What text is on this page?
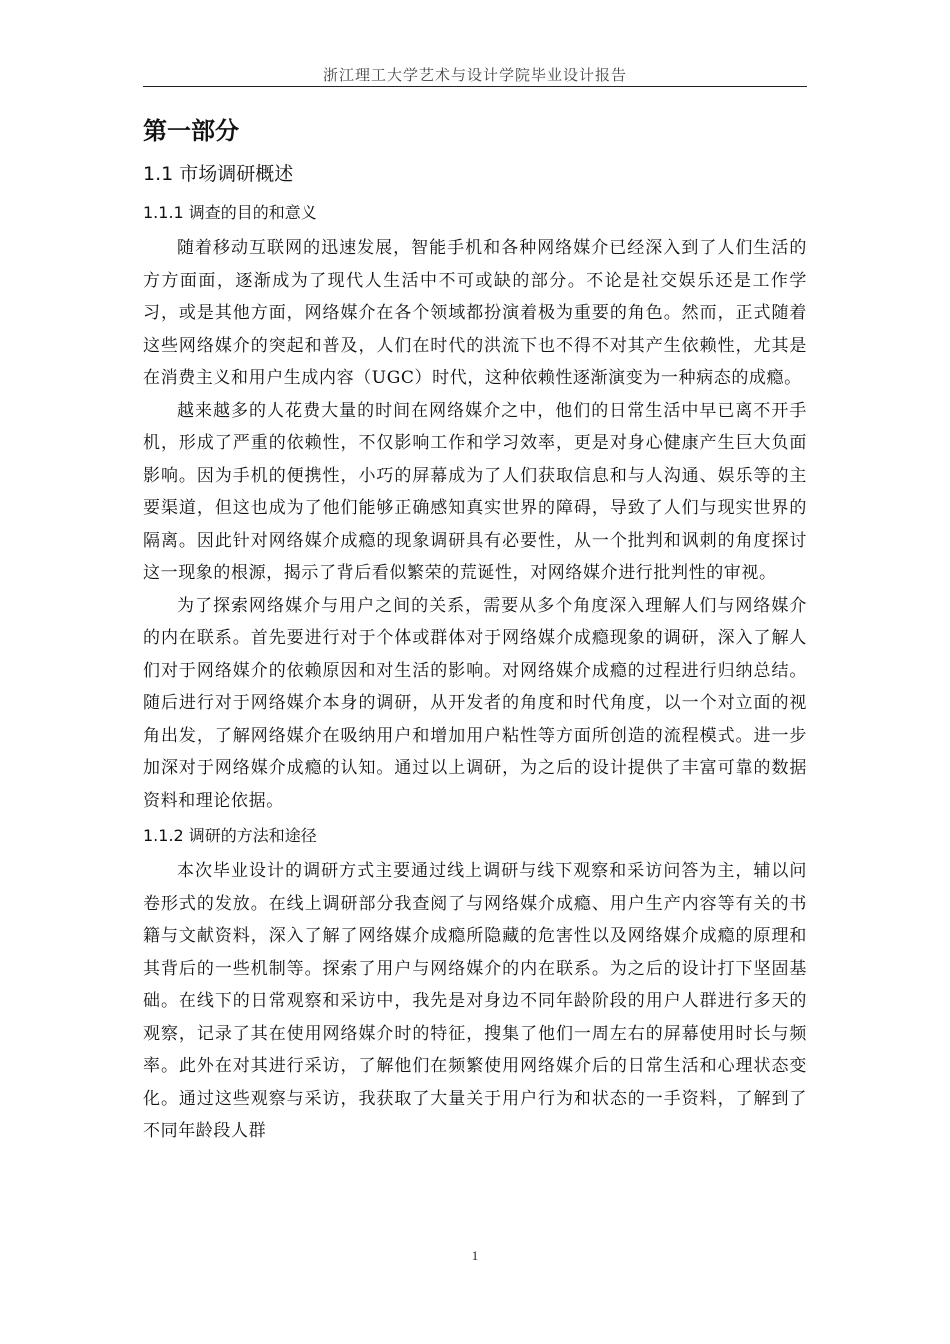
浙江理工大学艺术与设计学院毕业设计报告
第一部分
1.1 市场调研概述
1.1.1 调查的目的和意义

随着移动互联网的迅速发展，智能手机和各种网络媒介已经深入到了人们生活的方方面面，逐渐成为了现代人生活中不可或缺的部分。不论是社交娱乐还是工作学习，或是其他方面，网络媒介在各个领域都扮演着极为重要的角色。然而，正式随着这些网络媒介的突起和普及，人们在时代的洪流下也不得不对其产生依赖性，尤其是在消费主义和用户生成内容（UGC）时代，这种依赖性逐渐演变为一种病态的成瘾。

越来越多的人花费大量的时间在网络媒介之中，他们的日常生活中早已离不开手机，形成了严重的依赖性，不仅影响工作和学习效率，更是对身心健康产生巨大负面影响。因为手机的便携性，小巧的屏幕成为了人们获取信息和与人沟通、娱乐等的主要渠道，但这也成为了他们能够正确感知真实世界的障碍，导致了人们与现实世界的隔离。因此针对网络媒介成瘾的现象调研具有必要性，从一个批判和讽刺的角度探讨这一现象的根源，揭示了背后看似繁荣的荒诞性，对网络媒介进行批判性的审视。

为了探索网络媒介与用户之间的关系，需要从多个角度深入理解人们与网络媒介的内在联系。首先要进行对于个体或群体对于网络媒介成瘾现象的调研，深入了解人们对于网络媒介的依赖原因和对生活的影响。对网络媒介成瘾的过程进行归纳总结。随后进行对于网络媒介本身的调研，从开发者的角度和时代角度，以一个对立面的视角出发，了解网络媒介在吸纳用户和增加用户粘性等方面所创造的流程模式。进一步加深对于网络媒介成瘾的认知。通过以上调研，为之后的设计提供了丰富可靠的数据资料和理论依据。

1.1.2 调研的方法和途径

本次毕业设计的调研方式主要通过线上调研与线下观察和采访问答为主，辅以问卷形式的发放。在线上调研部分我查阅了与网络媒介成瘾、用户生产内容等有关的书籍与文献资料，深入了解了网络媒介成瘾所隐藏的危害性以及网络媒介成瘾的原理和其背后的一些机制等。探索了用户与网络媒介的内在联系。为之后的设计打下坚固基础。在线下的日常观察和采访中，我先是对身边不同年龄阶段的用户人群进行多天的观察，记录了其在使用网络媒介时的特征，搜集了他们一周左右的屏幕使用时长与频率。此外在对其进行采访，了解他们在频繁使用网络媒介后的日常生活和心理状态变化。通过这些观察与采访，我获取了大量关于用户行为和状态的一手资料，了解到了不同年龄段人群

1
